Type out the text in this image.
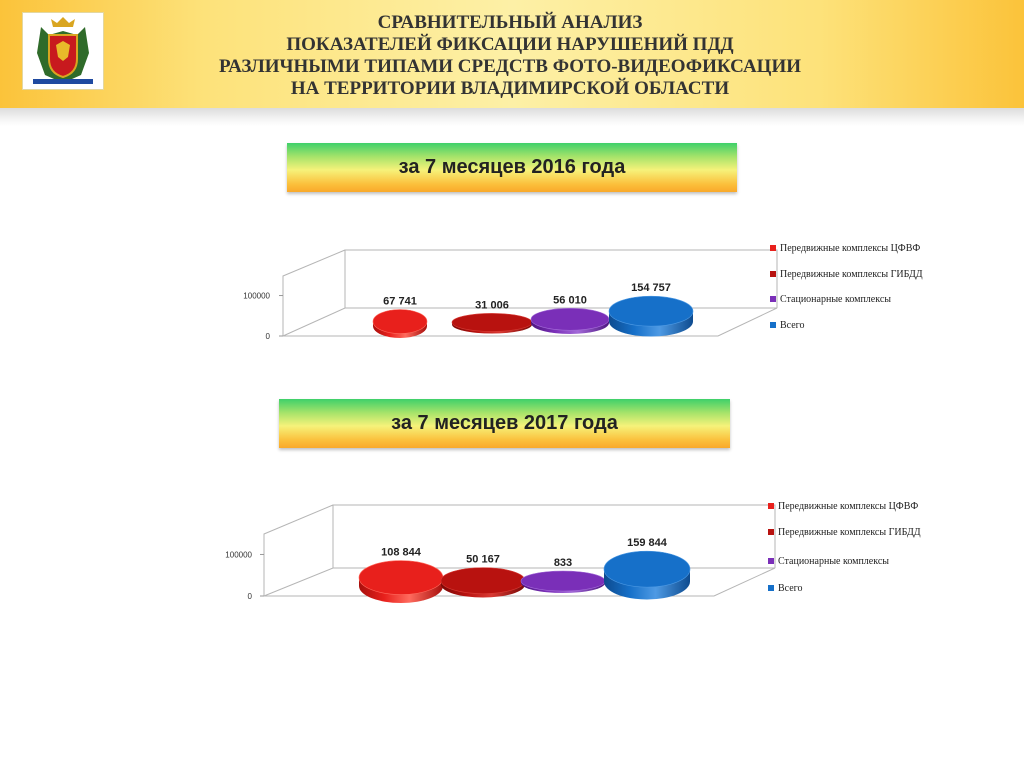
СРАВНИТЕЛЬНЫЙ АНАЛИЗ
ПОКАЗАТЕЛЕЙ ФИКСАЦИИ НАРУШЕНИЙ ПДД
РАЗЛИЧНЫМИ ТИПАМИ СРЕДСТВ ФОТО-ВИДЕОФИКСАЦИИ
НА ТЕРРИТОРИИ ВЛАДИМИРСКОЙ ОБЛАСТИ
за 7 месяцев 2016 года
100000
0
67 741	31 006	56 010
154 757
Передвижные комплексы ЦФВФ
Передвижные комплексы ГИБДД
Стационарные комплексы
Всего
за 7 месяцев 2017 года
100000
0
108 844
50 167	833
159 844
Передвижные комплексы ЦФВФ
Передвижные комплексы ГИБДД
Стационарные комплексы
Всего
